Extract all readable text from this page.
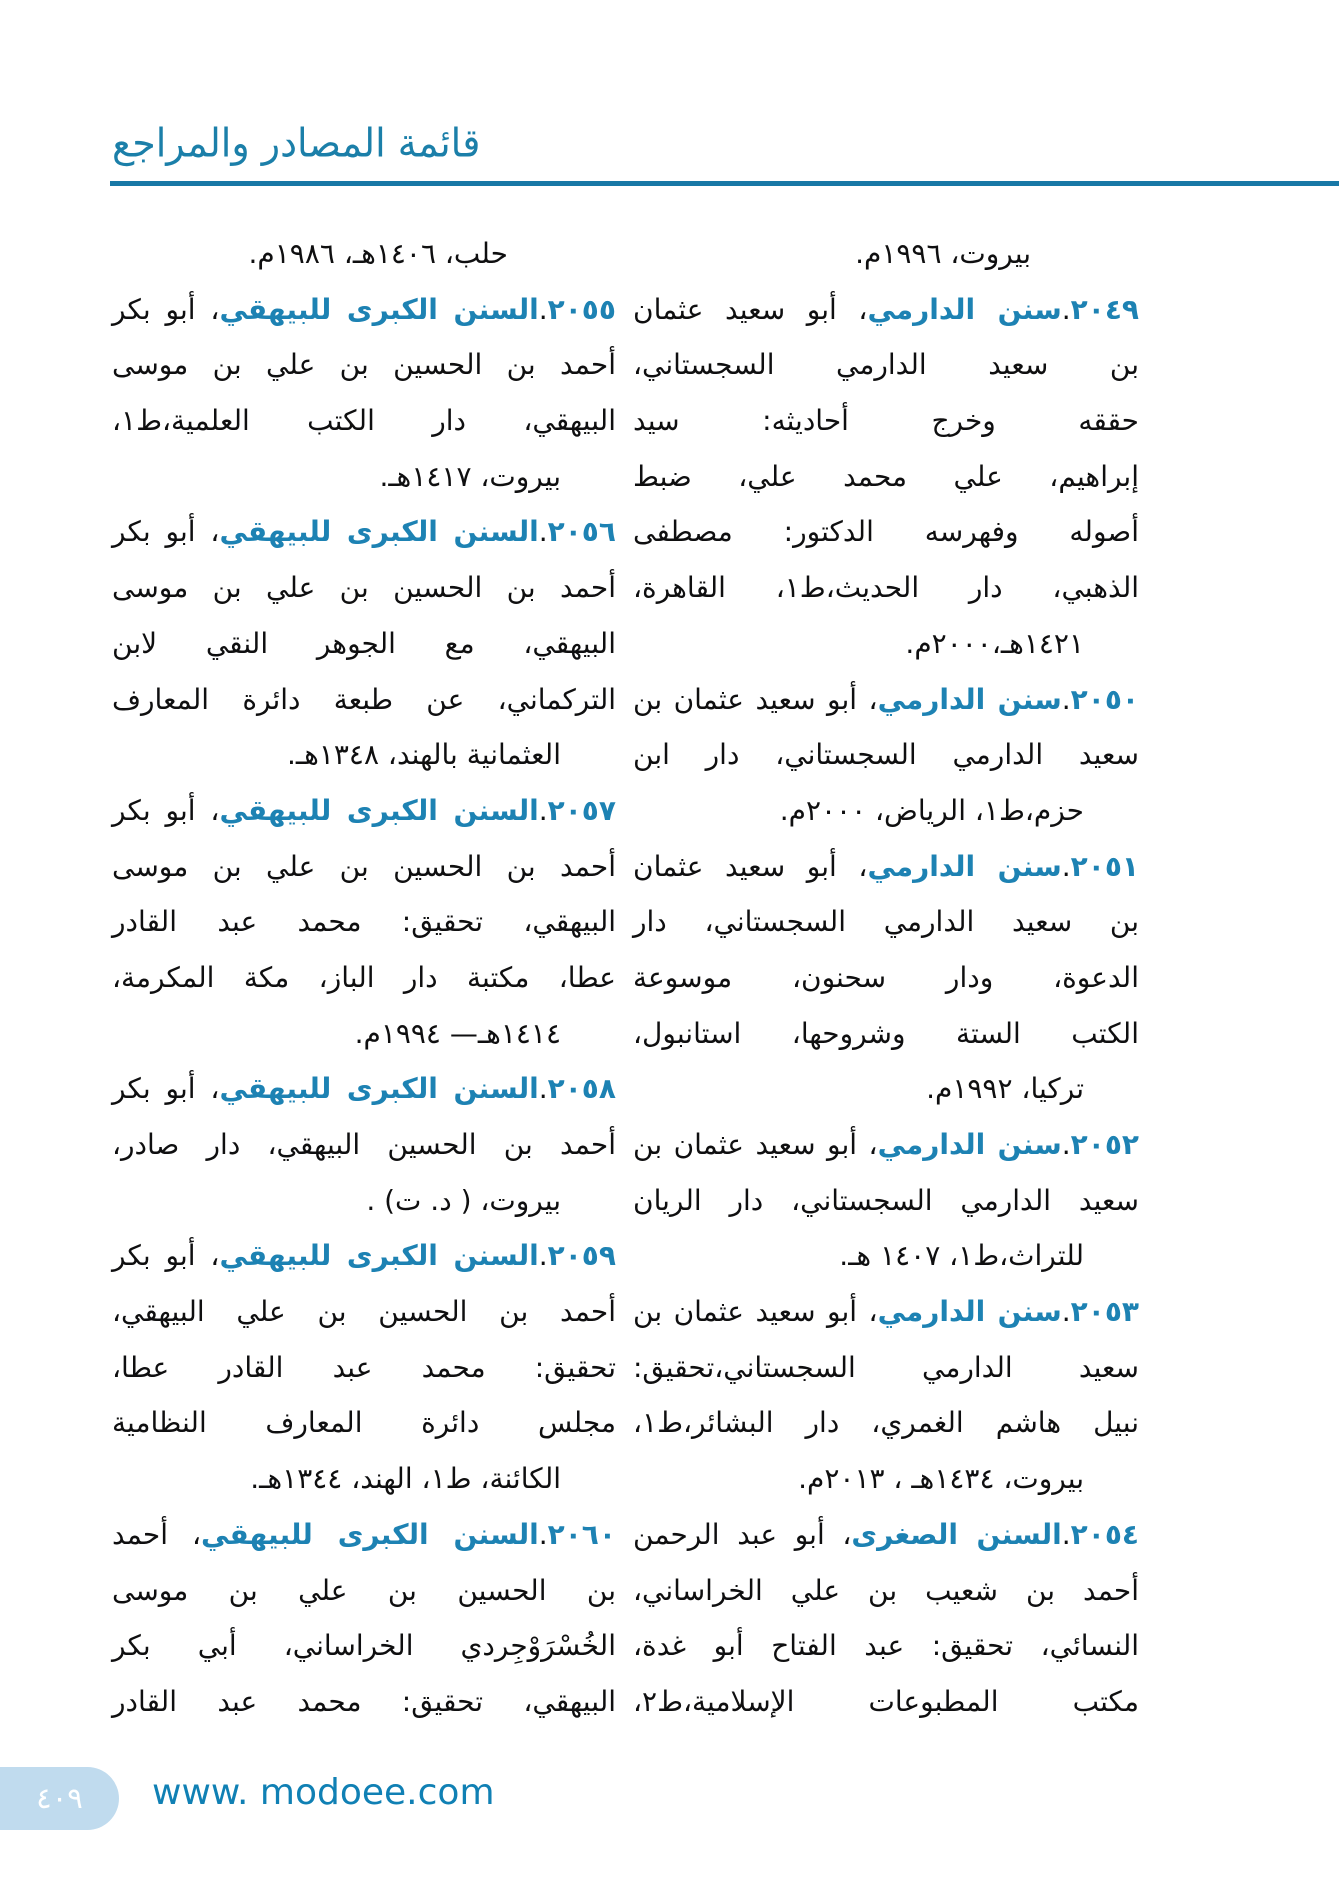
قائمة المصادر والمراجع
بيروت، ١٩٩٦م.
٢٠٤٩.سنن الدارمي، أبو سعيد عثمان
بن سعيد الدارمي السجستاني،
حققه وخرج أحاديثه: سيد
إبراهيم، علي محمد علي، ضبط
أصوله وفهرسه الدكتور: مصطفى
الذهبي، دار الحديث،ط١، القاهرة،
١٤٢١هـ،٢٠٠٠م.
٢٠٥٠.سنن الدارمي، أبو سعيد عثمان بن
سعيد الدارمي السجستاني، دار ابن
حزم،ط١، الرياض، ٢٠٠٠م.
٢٠٥١.سنن الدارمي، أبو سعيد عثمان
بن سعيد الدارمي السجستاني، دار
الدعوة، ودار سحنون، موسوعة
الكتب الستة وشروحها، استانبول،
تركيا، ١٩٩٢م.
٢٠٥٢.سنن الدارمي، أبو سعيد عثمان بن
سعيد الدارمي السجستاني، دار الريان
للتراث،ط١، ١٤٠٧ هـ.
٢٠٥٣.سنن الدارمي، أبو سعيد عثمان بن
سعيد الدارمي السجستاني،تحقيق:
نبيل هاشم الغمري، دار البشائر،ط١،
بيروت، ١٤٣٤هـ ، ٢٠١٣م.
٢٠٥٤.السنن الصغرى، أبو عبد الرحمن
أحمد بن شعيب بن علي الخراساني،
النسائي، تحقيق: عبد الفتاح أبو غدة،
مكتب المطبوعات الإسلامية،ط٢،
حلب، ١٤٠٦هـ، ١٩٨٦م.
٢٠٥٥.السنن الكبرى للبيهقي، أبو بكر
أحمد بن الحسين بن علي بن موسى
البيهقي، دار الكتب العلمية،ط١،
بيروت، ١٤١٧هـ.
٢٠٥٦.السنن الكبرى للبيهقي، أبو بكر
أحمد بن الحسين بن علي بن موسى
البيهقي، مع الجوهر النقي لابن
التركماني، عن طبعة دائرة المعارف
العثمانية بالهند، ١٣٤٨هـ.
٢٠٥٧.السنن الكبرى للبيهقي، أبو بكر
أحمد بن الحسين بن علي بن موسى
البيهقي، تحقيق: محمد عبد القادر
عطا، مكتبة دار الباز، مكة المكرمة،
١٤١٤هـ— ١٩٩٤م.
٢٠٥٨.السنن الكبرى للبيهقي، أبو بكر
أحمد بن الحسين البيهقي، دار صادر،
بيروت، ( د. ت) .
٢٠٥٩.السنن الكبرى للبيهقي، أبو بكر
أحمد بن الحسين بن علي البيهقي،
تحقيق: محمد عبد القادر عطا،
مجلس دائرة المعارف النظامية
الكائنة، ط١، الهند، ١٣٤٤هـ.
٢٠٦٠.السنن الكبرى للبيهقي، أحمد
بن الحسين بن علي بن موسى
الخُسْرَوْجِردي الخراساني، أبي بكر
البيهقي، تحقيق: محمد عبد القادر
٤٠٩	www. modoee.com
